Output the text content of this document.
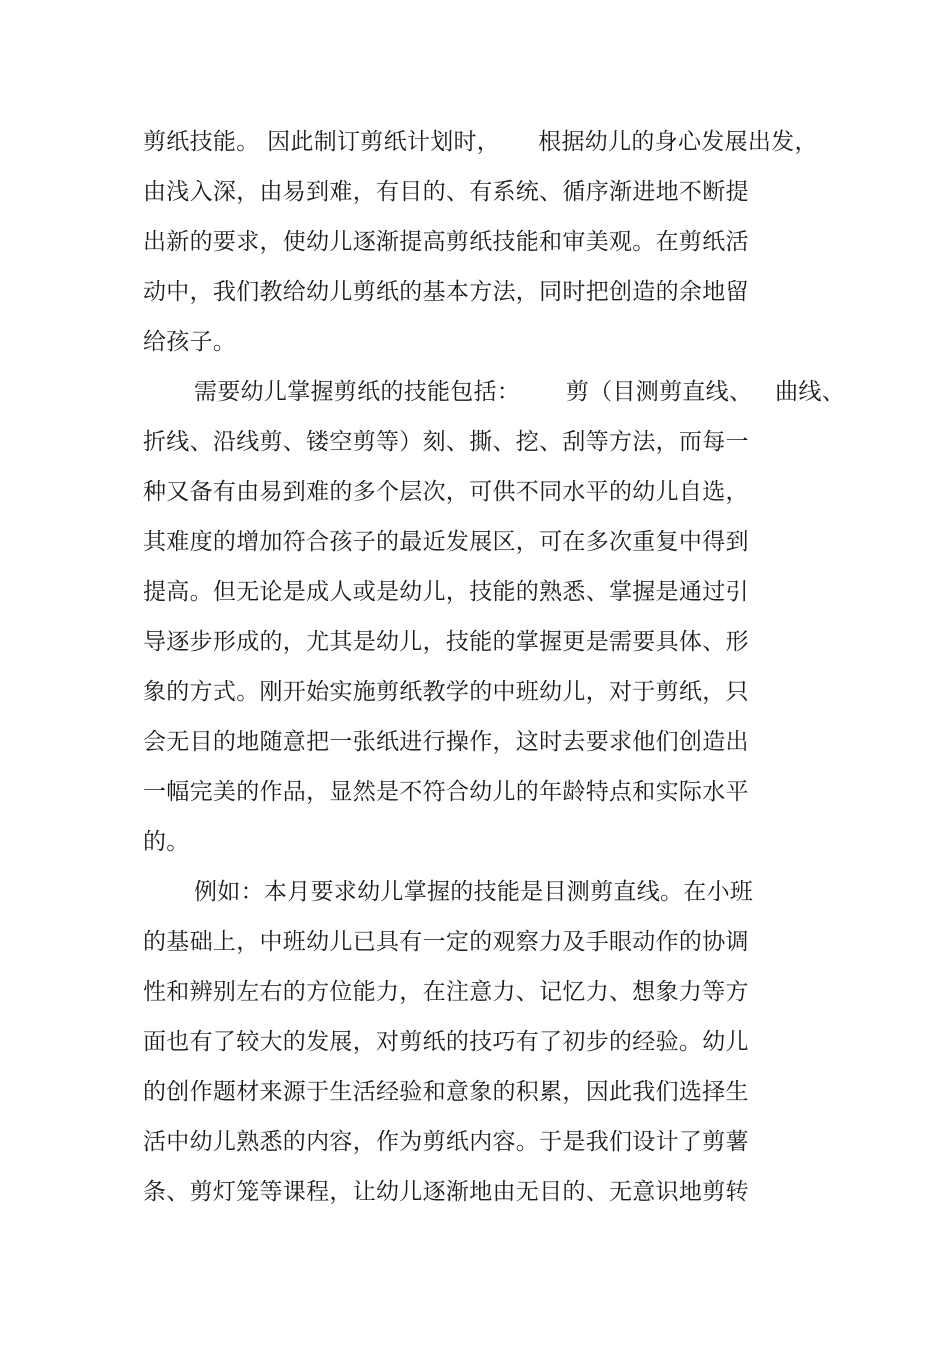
剪纸技能。 因此制订剪纸计划时，     根据幼儿的身心发展出发，
由浅入深，由易到难，有目的、有系统、循序渐进地不断提
出新的要求，使幼儿逐渐提高剪纸技能和审美观。在剪纸活
动中，我们教给幼儿剪纸的基本方法，同时把创造的余地留
给孩子。
需要幼儿掌握剪纸的技能包括：      剪（目测剪直线、   曲线、
折线、沿线剪、镂空剪等）刻、撕、挖、刮等方法，而每一
种又备有由易到难的多个层次，可供不同水平的幼儿自选，
其难度的增加符合孩子的最近发展区，可在多次重复中得到
提高。但无论是成人或是幼儿，技能的熟悉、掌握是通过引
导逐步形成的，尤其是幼儿，技能的掌握更是需要具体、形
象的方式。刚开始实施剪纸教学的中班幼儿，对于剪纸，只
会无目的地随意把一张纸进行操作，这时去要求他们创造出
一幅完美的作品，显然是不符合幼儿的年龄特点和实际水平
的。
例如：本月要求幼儿掌握的技能是目测剪直线。在小班
的基础上，中班幼儿已具有一定的观察力及手眼动作的协调
性和辨别左右的方位能力，在注意力、记忆力、想象力等方
面也有了较大的发展，对剪纸的技巧有了初步的经验。幼儿
的创作题材来源于生活经验和意象的积累，因此我们选择生
活中幼儿熟悉的内容，作为剪纸内容。于是我们设计了剪薯
条、剪灯笼等课程，让幼儿逐渐地由无目的、无意识地剪转
